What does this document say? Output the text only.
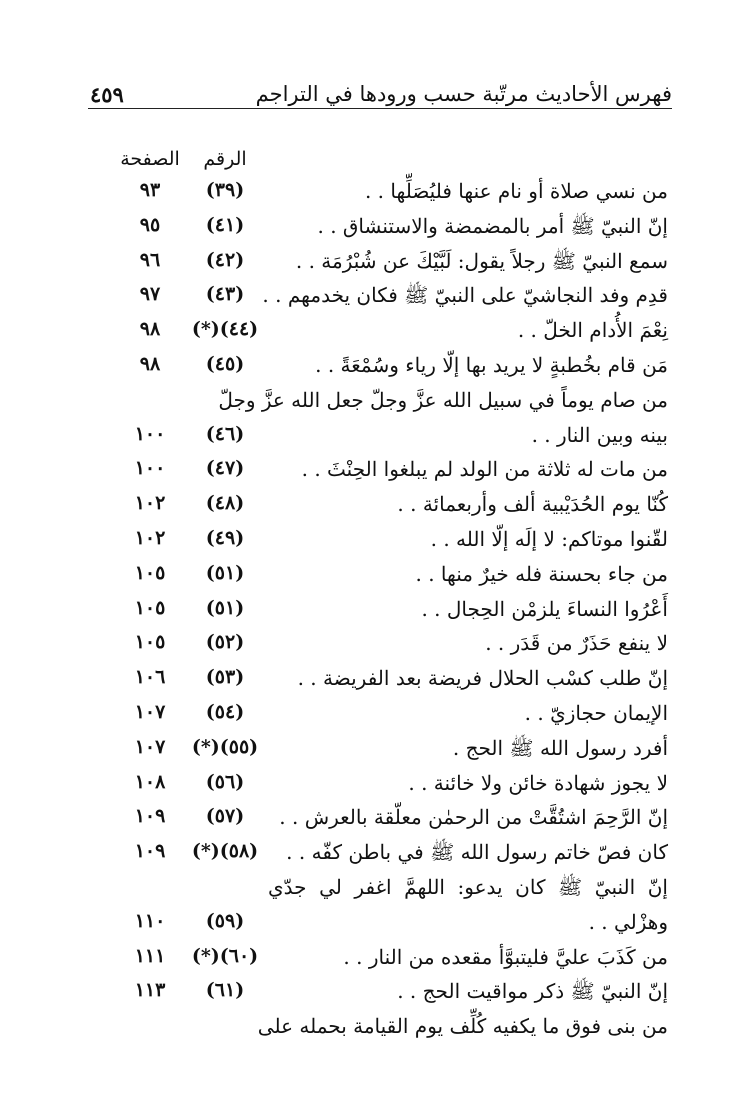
فهرس الأحاديث مرتّبة حسب ورودها في التراجم
٤٥٩
الرقم
الصفحة
من نسي صلاة أو نام عنها فليُصَلِّها . .
(٣٩)
٩٣
إنّ النبيّ ﷺ أمر بالمضمضة والاستنشاق . .
(٤١)
٩٥
سمع النبيّ ﷺ رجلاً يقول: لَبَّيْكَ عن شُبْرُمَة . .
(٤٢)
٩٦
قدِم وفد النجاشيّ على النبيّ ﷺ فكان يخدمهم . .
(٤٣)
٩٧
نِعْمَ الأُدام الخلّ . .
(٤٤)(*)
٩٨
مَن قام بخُطبةٍ لا يريد بها إلّا رياء وسُمْعَةً . .
(٤٥)
٩٨
من صام يوماً في سبيل الله عزَّ وجلّ جعل الله عزَّ وجلّ
بينه وبين النار . .
(٤٦)
١٠٠
من مات له ثلاثة من الولد لم يبلغوا الحِنْثَ . .
(٤٧)
١٠٠
كُنّا يوم الحُدَيْبية ألف وأربعمائة . .
(٤٨)
١٠٢
لقّنوا موتاكم: لا إلَه إلّا الله . .
(٤٩)
١٠٢
من جاء بحسنة فله خيرٌ منها . .
(٥١)
١٠٥
أَعْرُوا النساءَ يلزمْن الحِجال . .
(٥١)
١٠٥
لا ينفع حَذَرٌ من قَدَر . .
(٥٢)
١٠٥
إنّ طلب كسْب الحلال فريضة بعد الفريضة . .
(٥٣)
١٠٦
الإيمان حجازيّ . .
(٥٤)
١٠٧
أفرد رسول الله ﷺ الحج .
(٥٥)(*)
١٠٧
لا يجوز شهادة خائن ولا خائنة . .
(٥٦)
١٠٨
إنّ الرَّحِمَ اشتُقَّتْ من الرحمٰن معلّقة بالعرش . .
(٥٧)
١٠٩
كان فصّ خاتم رسول الله ﷺ في باطن كفّه . .
(٥٨)(*)
١٠٩
إنّ النبيّ ﷺ كان يدعو: اللهمَّ اغفر لي جدّي
وهزْلي . .
(٥٩)
١١٠
من كَذَبَ عليَّ فليتبوَّأ مقعده من النار . .
(٦٠)(*)
١١١
إنّ النبيّ ﷺ ذكر مواقيت الحج . .
(٦١)
١١٣
من بنى فوق ما يكفيه كُلِّف يوم القيامة بحمله على
